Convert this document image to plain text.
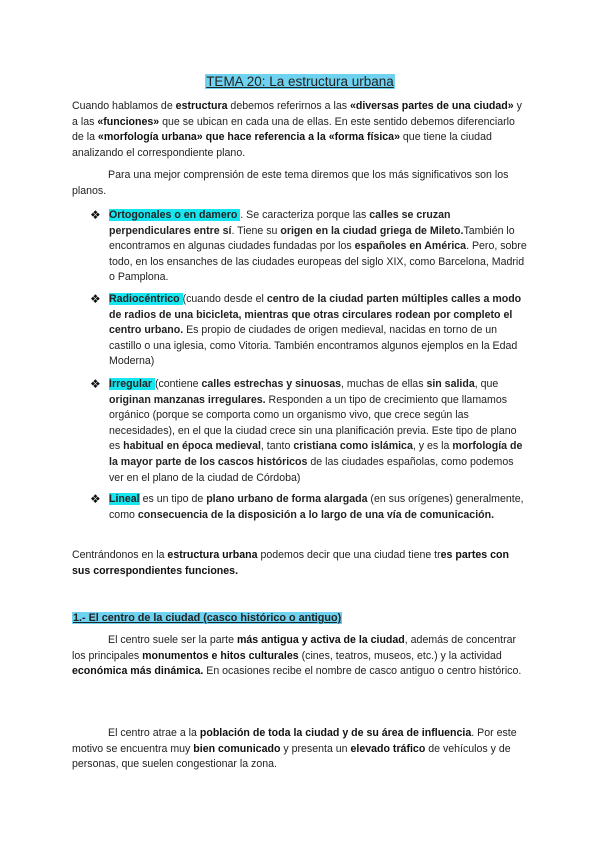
TEMA 20: La estructura urbana

Cuando hablamos de estructura debemos referirnos a las «diversas partes de una ciudad» y a las «funciones» que se ubican en cada una de ellas. En este sentido debemos diferenciarlo de la «morfología urbana» que hace referencia a la «forma física» que tiene la ciudad analizando el correspondiente plano.

Para una mejor comprensión de este tema diremos que los más significativos son los planos.

❖ Ortogonales o en damero . Se caracteriza porque las calles se cruzan perpendiculares entre sí. Tiene su origen en la ciudad griega de Mileto.También lo encontramos en algunas ciudades fundadas por los españoles en América. Pero, sobre todo, en los ensanches de las ciudades europeas del siglo XIX, como Barcelona, Madrid o Pamplona.
❖ Radiocéntrico (cuando desde el centro de la ciudad parten múltiples calles a modo de radios de una bicicleta, mientras que otras circulares rodean por completo el centro urbano. Es propio de ciudades de origen medieval, nacidas en torno de un castillo o una iglesia, como Vitoria. También encontramos algunos ejemplos en la Edad Moderna)
❖ Irregular (contiene calles estrechas y sinuosas, muchas de ellas sin salida, que originan manzanas irregulares. Responden a un tipo de crecimiento que llamamos orgánico (porque se comporta como un organismo vivo, que crece según las necesidades), en el que la ciudad crece sin una planificación previa. Este tipo de plano es habitual en época medieval, tanto cristiana como islámica, y es la morfología de la mayor parte de los cascos históricos de las ciudades españolas, como podemos ver en el plano de la ciudad de Córdoba)
❖ Lineal es un tipo de plano urbano de forma alargada (en sus orígenes) generalmente, como consecuencia de la disposición a lo largo de una vía de comunicación.

Centrándonos en la estructura urbana podemos decir que una ciudad tiene tres partes con sus correspondientes funciones.

1.- El centro de la ciudad (casco histórico o antiguo)

El centro suele ser la parte más antigua y activa de la ciudad, además de concentrar los principales monumentos e hitos culturales (cines, teatros, museos, etc.) y la actividad económica más dinámica. En ocasiones recibe el nombre de casco antiguo o centro histórico.

El centro atrae a la población de toda la ciudad y de su área de influencia. Por este motivo se encuentra muy bien comunicado y presenta un elevado tráfico de vehículos y de personas, que suelen congestionar la zona.
